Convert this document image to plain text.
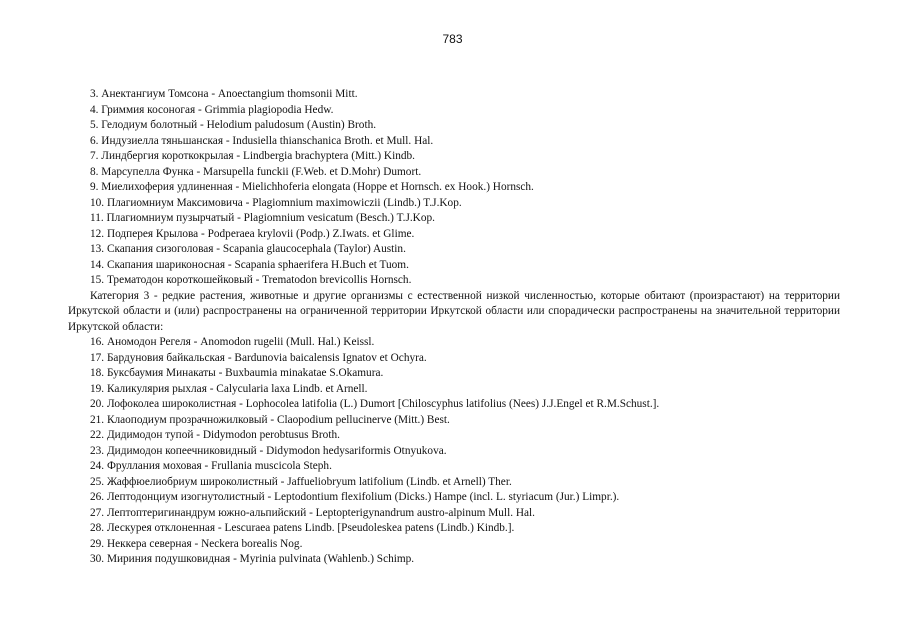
783

3. Анектангиум Томсона - Anoectangium thomsonii Mitt.

4. Гриммия косоногая - Grimmia plagiopodia Hedw.

5. Гелодиум болотный - Helodium paludosum (Austin) Broth.

6. Индузиелла тяньшанская - Indusiella thianschanica Broth. et Mull. Hal.

7. Линдбергия короткокрылая - Lindbergia brachyptera (Mitt.) Kindb.

8. Марсупелла Функа - Marsupella funckii (F.Web. et D.Mohr) Dumort.

9. Миелихоферия удлиненная - Mielichhoferia elongata (Hoppe et Hornsch. ex Hook.) Hornsch.

10. Плагиомниум Максимовича - Plagiomnium maximowiczii (Lindb.) T.J.Kop.

11. Плагиомниум пузырчатый - Plagiomnium vesicatum (Besch.) T.J.Kop.

12. Подперея Крылова - Podperaea krylovii (Podp.) Z.Iwats. et Glime.

13. Скапания сизоголовая - Scapania glaucocephala (Taylor) Austin.

14. Скапания шариконосная - Scapania sphaerifera H.Buch et Tuom.

15. Трематодон короткошейковый - Trematodon brevicollis Hornsch.

Категория 3 - редкие растения, животные и другие организмы с естественной низкой численностью, которые обитают (произрастают) на территории Иркутской области и (или) распространены на ограниченной территории Иркутской области или спорадически распространены на значительной территории Иркутской области:

16. Аномодон Регеля - Anomodon rugelii (Mull. Hal.) Keissl.

17. Бардуновия байкальская - Bardunovia baicalensis Ignatov et Ochyra.

18. Буксбаумия Минакаты - Buxbaumia minakatae S.Okamura.

19. Каликулярия рыхлая - Calycularia laxa Lindb. et Arnell.

20. Лофоколеа широколистная - Lophocolea latifolia (L.) Dumort [Chiloscyphus latifolius (Nees) J.J.Engel et R.M.Schust.].

21. Клаоподиум прозрачножилковый - Claopodium pellucinerve (Mitt.) Best.

22. Дидимодон тупой - Didymodon perobtusus Broth.

23. Дидимодон копеечниковидный - Didymodon hedysariformis Otnyukova.

24. Фруллания моховая - Frullania muscicola Steph.

25. Жаффюелиобриум широколистный - Jaffueliobryum latifolium (Lindb. et Arnell) Ther.

26. Лептодонциум изогнутолистный - Leptodontium flexifolium (Dicks.) Hampe (incl. L. styriacum (Jur.) Limpr.).

27. Лептоптеригинандрум южно-альпийский - Leptopterigynandrum austro-alpinum Mull. Hal.

28. Лескурея отклоненная - Lescuraea patens Lindb. [Pseudoleskea patens (Lindb.) Kindb.].

29. Неккера северная - Neckera borealis Nog.

30. Мириния подушковидная - Myrinia pulvinata (Wahlenb.) Schimp.
